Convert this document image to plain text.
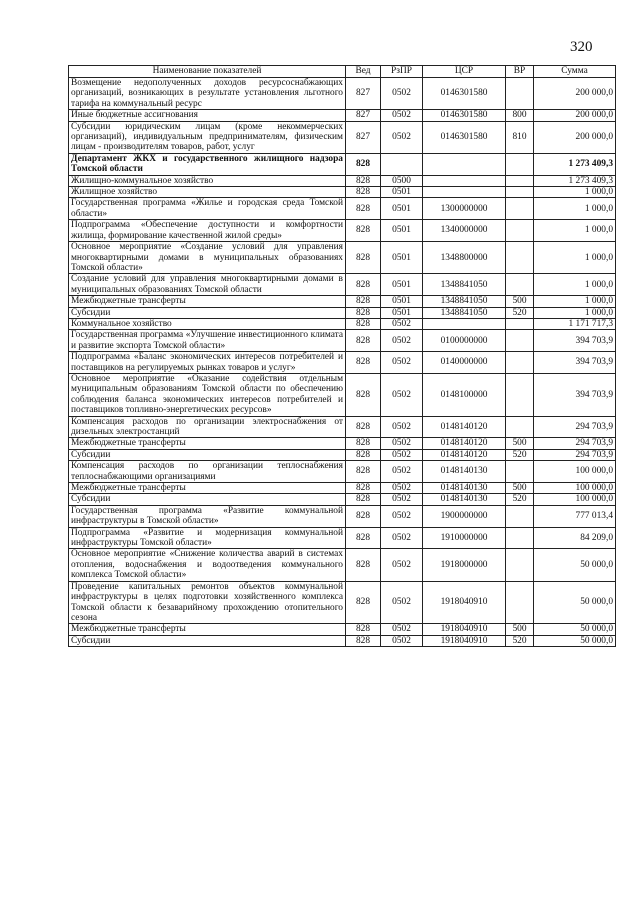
320
Наименование показателей	Вед	РзПР	ЦСР	ВР	Сумма
Возмещение недополученных доходов ресурсоснабжающих организаций, возникающих в результате установления льготного тарифа на коммунальный ресурс	827	0502	0146301580		200 000,0
Иные бюджетные ассигнования	827	0502	0146301580	800	200 000,0
Субсидии юридическим лицам (кроме некоммерческих организаций), индивидуальным предпринимателям, физическим лицам - производителям товаров, работ, услуг	827	0502	0146301580	810	200 000,0
Департамент ЖКХ и государственного жилищного надзора Томской области	828				1 273 409,3
Жилищно-коммунальное хозяйство	828	0500			1 273 409,3
Жилищное хозяйство	828	0501			1 000,0
Государственная программа «Жилье и городская среда Томской области»	828	0501	1300000000		1 000,0
Подпрограмма «Обеспечение доступности и комфортности жилища, формирование качественной жилой среды»	828	0501	1340000000		1 000,0
Основное мероприятие «Создание условий для управления многоквартирными домами в муниципальных образованиях Томской области»	828	0501	1348800000		1 000,0
Создание условий для управления многоквартирными домами в муниципальных образованиях Томской области	828	0501	1348841050		1 000,0
Межбюджетные трансферты	828	0501	1348841050	500	1 000,0
Субсидии	828	0501	1348841050	520	1 000,0
Коммунальное хозяйство	828	0502			1 171 717,3
Государственная программа «Улучшение инвестиционного климата и развитие экспорта Томской области»	828	0502	0100000000		394 703,9
Подпрограмма «Баланс экономических интересов потребителей и поставщиков на регулируемых рынках товаров и услуг»	828	0502	0140000000		394 703,9
Основное мероприятие «Оказание содействия отдельным муниципальным образованиям Томской области по обеспечению соблюдения баланса экономических интересов потребителей и поставщиков топливно-энергетических ресурсов»	828	0502	0148100000		394 703,9
Компенсация расходов по организации электроснабжения от дизельных электростанций	828	0502	0148140120		294 703,9
Межбюджетные трансферты	828	0502	0148140120	500	294 703,9
Субсидии	828	0502	0148140120	520	294 703,9
Компенсация расходов по организации теплоснабжения теплоснабжающими организациями	828	0502	0148140130		100 000,0
Межбюджетные трансферты	828	0502	0148140130	500	100 000,0
Субсидии	828	0502	0148140130	520	100 000,0
Государственная программа «Развитие коммунальной инфраструктуры в Томской области»	828	0502	1900000000		777 013,4
Подпрограмма «Развитие и модернизация коммунальной инфраструктуры Томской области»	828	0502	1910000000		84 209,0
Основное мероприятие «Снижение количества аварий в системах отопления, водоснабжения и водоотведения коммунального комплекса Томской области»	828	0502	1918000000		50 000,0
Проведение капитальных ремонтов объектов коммунальной инфраструктуры в целях подготовки хозяйственного комплекса Томской области к безаварийному прохождению отопительного сезона	828	0502	1918040910		50 000,0
Межбюджетные трансферты	828	0502	1918040910	500	50 000,0
Субсидии	828	0502	1918040910	520	50 000,0
